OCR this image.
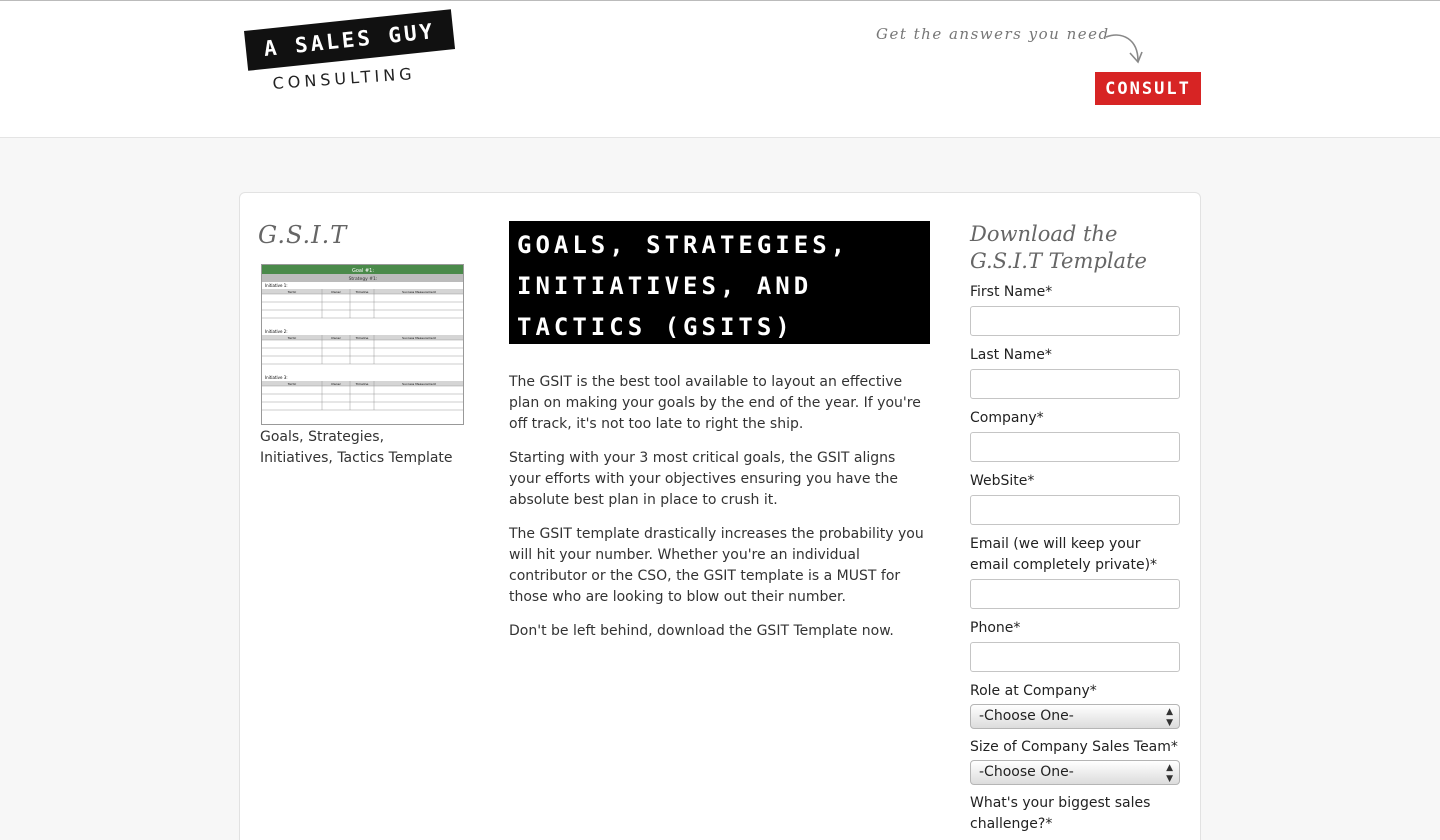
A SALES GUY
CONSULTING
Get the answers you need
CONSULT
G.S.I.T
Goal #1:
Strategy #1:
Initiative 1:
Tactic	Owner	Timeline	Success Measurement
Initiative 2:
Tactic	Owner	Timeline	Success Measurement
Initiative 3:
Tactic	Owner	Timeline	Success Measurement
Goals, Strategies, Initiatives, Tactics Template
GOALS, STRATEGIES,
INITIATIVES, AND
TACTICS (GSITS)

The GSIT is the best tool available to layout an effective plan on making your goals by the end of the year. If you're off track, it's not too late to right the ship.

Starting with your 3 most critical goals, the GSIT aligns your efforts with your objectives ensuring you have the absolute best plan in place to crush it.

The GSIT template drastically increases the probability you will hit your number. Whether you're an individual contributor or the CSO, the GSIT template is a MUST for those who are looking to blow out their number.

Don't be left behind, download the GSIT Template now.

Download the G.S.I.T Template
First Name*
Last Name*
Company*
WebSite*
Email (we will keep your email completely private)*
Phone*
Role at Company*
-Choose One-	▲
▼
Size of Company Sales Team*
-Choose One-	▲
▼
What's your biggest sales challenge?*
